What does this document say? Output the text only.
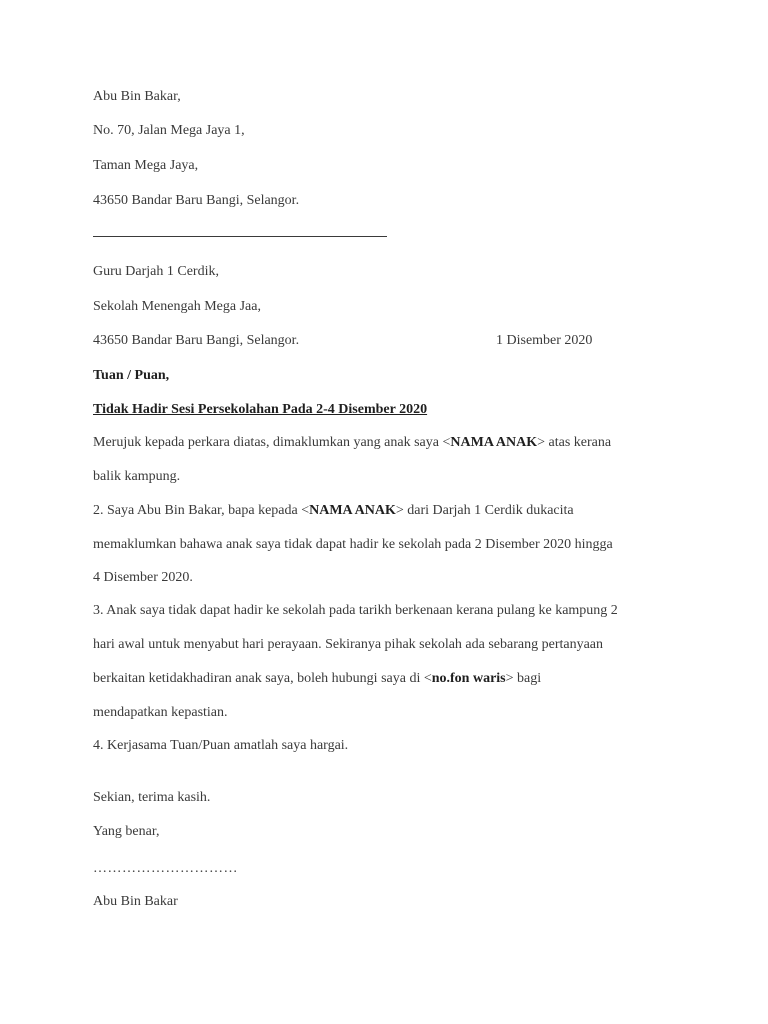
Abu Bin Bakar,
No. 70, Jalan Mega Jaya 1,
Taman Mega Jaya,
43650 Bandar Baru Bangi, Selangor.
Guru Darjah 1 Cerdik,
Sekolah Menengah Mega Jaa,
43650 Bandar Baru Bangi, Selangor.	1 Disember 2020
Tuan / Puan,
Tidak Hadir Sesi Persekolahan Pada 2-4 Disember 2020
Merujuk kepada perkara diatas, dimaklumkan yang anak saya <NAMA ANAK> atas kerana
balik kampung.
2. Saya Abu Bin Bakar, bapa kepada <NAMA ANAK> dari Darjah 1 Cerdik dukacita
memaklumkan bahawa anak saya tidak dapat hadir ke sekolah pada 2 Disember 2020 hingga
4 Disember 2020.
3. Anak saya tidak dapat hadir ke sekolah pada tarikh berkenaan kerana pulang ke kampung 2
hari awal untuk menyabut hari perayaan. Sekiranya pihak sekolah ada sebarang pertanyaan
berkaitan ketidakhadiran anak saya, boleh hubungi saya di <no.fon waris> bagi
mendapatkan kepastian.
4. Kerjasama Tuan/Puan amatlah saya hargai.
Sekian, terima kasih.
Yang benar,
…………………………
Abu Bin Bakar
